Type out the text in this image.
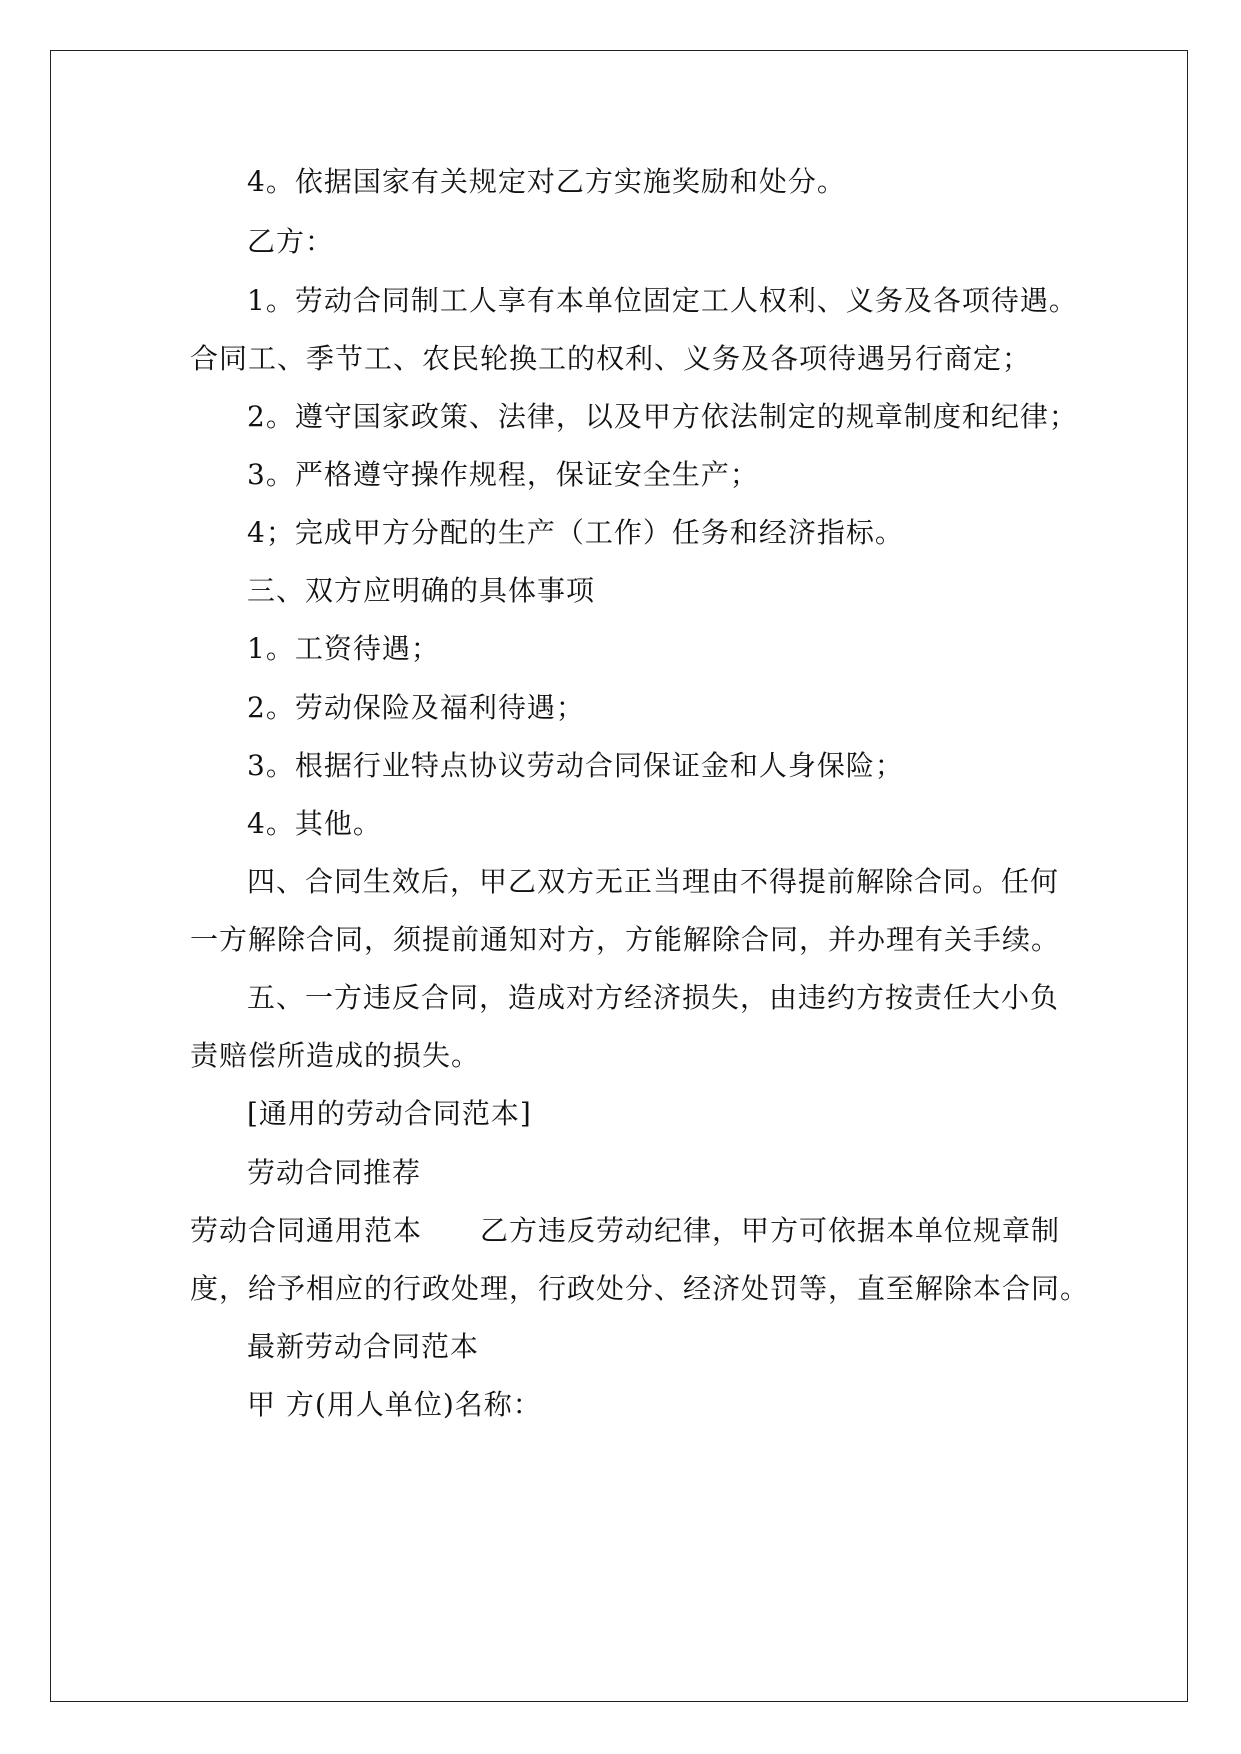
4。依据国家有关规定对乙方实施奖励和处分。
乙方：
1。劳动合同制工人享有本单位固定工人权利、义务及各项待遇。
合同工、季节工、农民轮换工的权利、义务及各项待遇另行商定；
2。遵守国家政策、法律，以及甲方依法制定的规章制度和纪律；
3。严格遵守操作规程，保证安全生产；
4；完成甲方分配的生产（工作）任务和经济指标。
三、双方应明确的具体事项
1。工资待遇；
2。劳动保险及福利待遇；
3。根据行业特点协议劳动合同保证金和人身保险；
4。其他。
四、合同生效后，甲乙双方无正当理由不得提前解除合同。任何
一方解除合同，须提前通知对方，方能解除合同，并办理有关手续。
五、一方违反合同，造成对方经济损失，由违约方按责任大小负
责赔偿所造成的损失。
[通用的劳动合同范本]
劳动合同推荐
劳动合同通用范本　　乙方违反劳动纪律，甲方可依据本单位规章制
度，给予相应的行政处理，行政处分、经济处罚等，直至解除本合同。
最新劳动合同范本
甲 方(用人单位)名称：
